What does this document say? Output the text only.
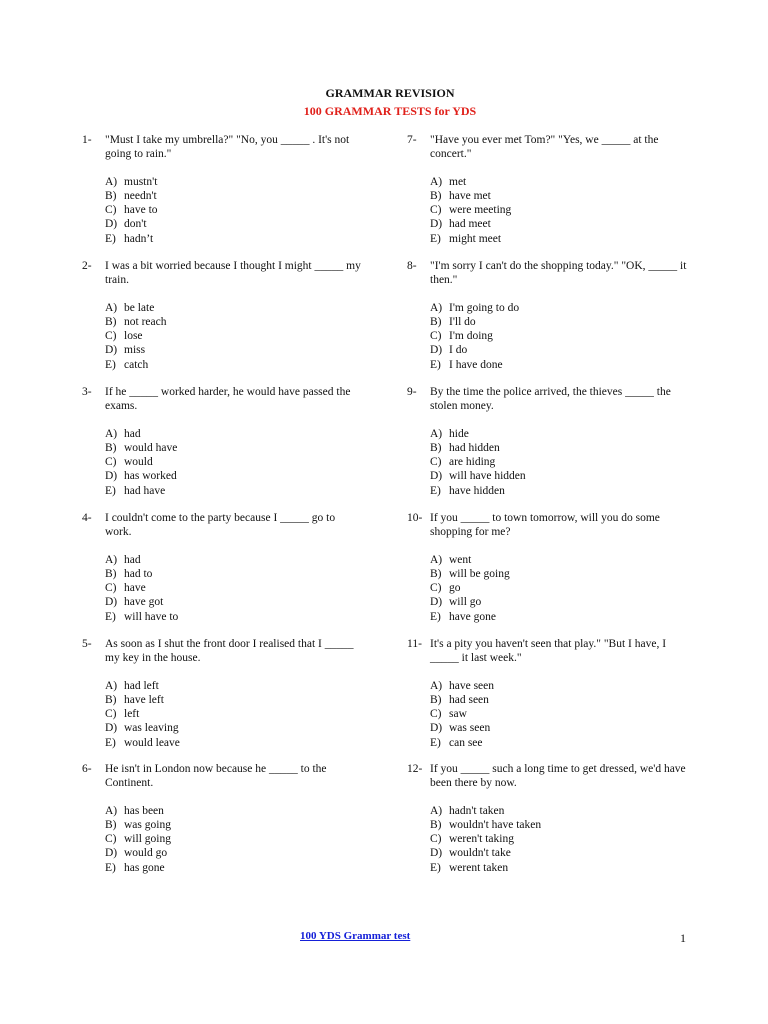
GRAMMAR REVISION
100 GRAMMAR TESTS for YDS
1- "Must I take my umbrella?" "No, you _____ . It's not going to rain."
A) mustn't
B) needn't
C) have to
D) don't
E) hadn’t
2- I was a bit worried because I thought I might _____ my train.
A) be late
B) not reach
C) lose
D) miss
E) catch
3- If he _____ worked harder, he would have passed the exams.
A) had
B) would have
C) would
D) has worked
E) had have
4- I couldn't come to the party because I _____ go to work.
A) had
B) had to
C) have
D) have got
E) will have to
5- As soon as I shut the front door I realised that I _____ my key in the house.
A) had left
B) have left
C) left
D) was leaving
E) would leave
6- He isn't in London now because he _____ to the Continent.
A) has been
B) was going
C) will going
D) would go
E) has gone
7- "Have you ever met Tom?" "Yes, we _____ at the concert."
A) met
B) have met
C) were meeting
D) had meet
E) might meet
8- "I'm sorry I can't do the shopping today." "OK, _____ it then."
A) I'm going to do
B) I'll do
C) I'm doing
D) I do
E) I have done
9- By the time the police arrived, the thieves _____ the stolen money.
A) hide
B) had hidden
C) are hiding
D) will have hidden
E) have hidden
10- If you _____ to town tomorrow, will you do some shopping for me?
A) went
B) will be going
C) go
D) will go
E) have gone
11- It's a pity you haven't seen that play." "But I have, I _____ it last week."
A) have seen
B) had seen
C) saw
D) was seen
E) can see
12- If you _____ such a long time to get dressed, we'd have been there by now.
A) hadn't taken
B) wouldn't have taken
C) weren't taking
D) wouldn't take
E) werent taken
100 YDS Grammar test	1
